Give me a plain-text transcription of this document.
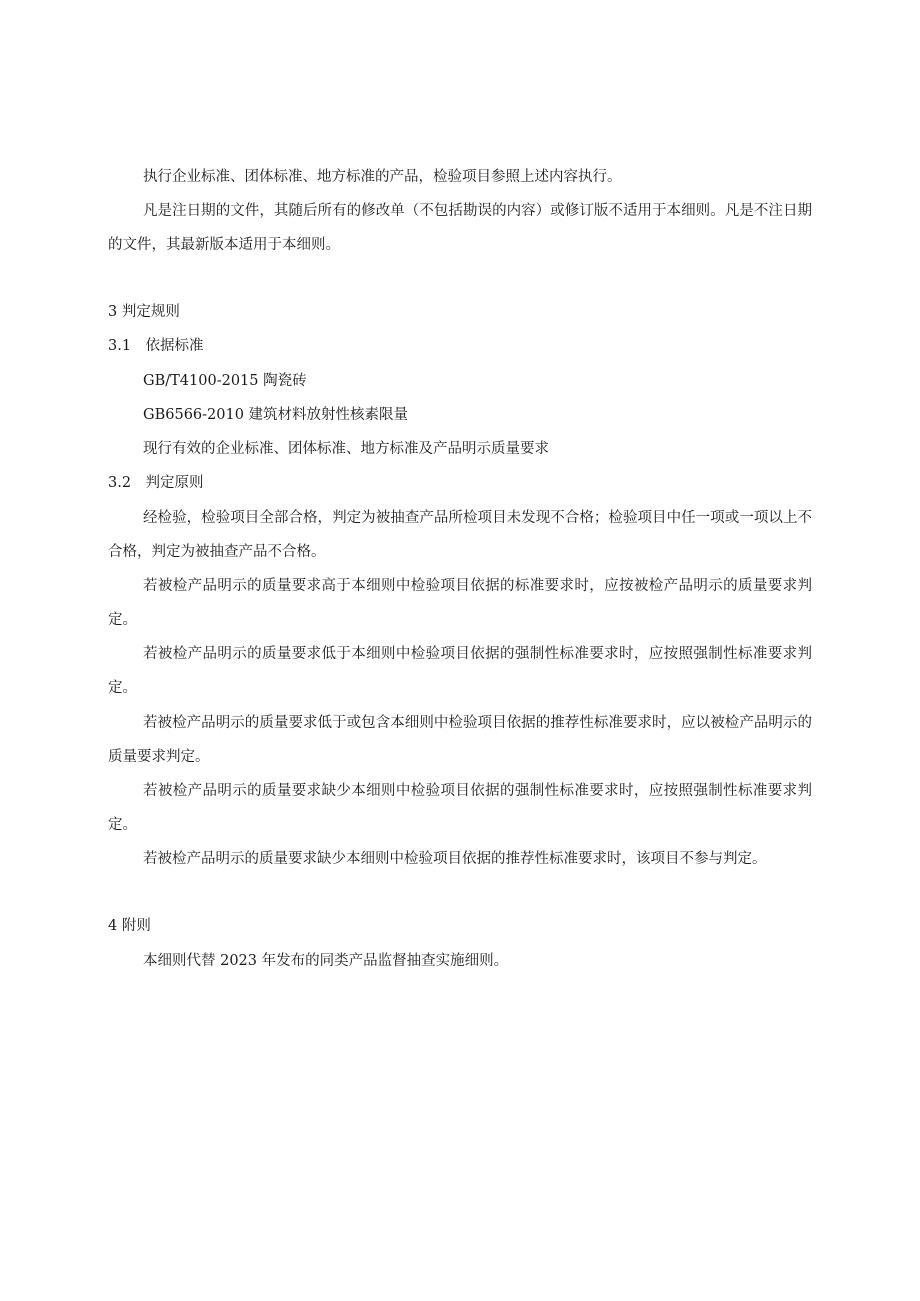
执行企业标准、团体标准、地方标准的产品，检验项目参照上述内容执行。

凡是注日期的文件，其随后所有的修改单（不包括勘误的内容）或修订版不适用于本细则。凡是不注日期的文件，其最新版本适用于本细则。

3 判定规则
3.1　依据标准
GB/T4100-2015 陶瓷砖
GB6566-2010 建筑材料放射性核素限量
现行有效的企业标准、团体标准、地方标准及产品明示质量要求
3.2　判定原则

经检验，检验项目全部合格，判定为被抽查产品所检项目未发现不合格；检验项目中任一项或一项以上不合格，判定为被抽查产品不合格。

若被检产品明示的质量要求高于本细则中检验项目依据的标准要求时，应按被检产品明示的质量要求判定。

若被检产品明示的质量要求低于本细则中检验项目依据的强制性标准要求时，应按照强制性标准要求判定。

若被检产品明示的质量要求低于或包含本细则中检验项目依据的推荐性标准要求时，应以被检产品明示的质量要求判定。

若被检产品明示的质量要求缺少本细则中检验项目依据的强制性标准要求时，应按照强制性标准要求判定。

若被检产品明示的质量要求缺少本细则中检验项目依据的推荐性标准要求时，该项目不参与判定。

4 附则

本细则代替 2023 年发布的同类产品监督抽查实施细则。
